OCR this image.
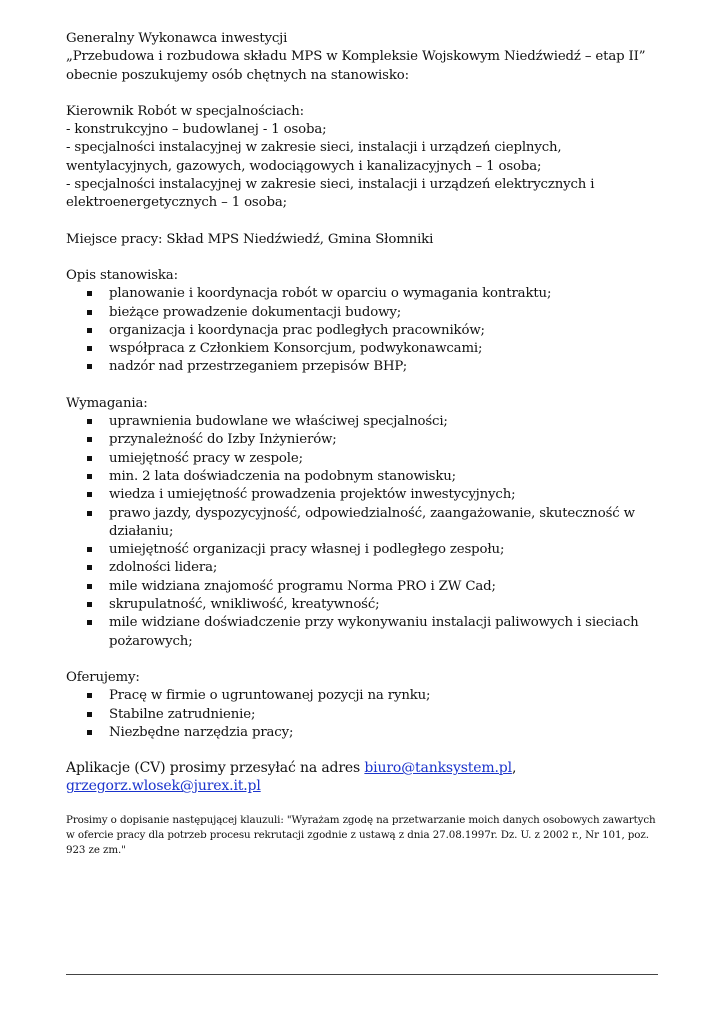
Generalny Wykonawca inwestycji

„Przebudowa i rozbudowa składu MPS w Kompleksie Wojskowym Niedźwiedź – etap II”

obecnie poszukujemy osób chętnych na stanowisko:

Kierownik Robót w specjalnościach:

- konstrukcyjno – budowlanej - 1 osoba;

- specjalności instalacyjnej w zakresie sieci, instalacji i urządzeń cieplnych, wentylacyjnych, gazowych, wodociągowych i kanalizacyjnych – 1 osoba;

- specjalności instalacyjnej w zakresie sieci, instalacji i urządzeń elektrycznych i elektroenergetycznych – 1 osoba;

Miejsce pracy: Skład MPS Niedźwiedź, Gmina Słomniki

Opis stanowiska:

planowanie i koordynacja robót w oparciu o wymagania kontraktu;
bieżące prowadzenie dokumentacji budowy;
organizacja i koordynacja prac podległych pracowników;
współpraca z Członkiem Konsorcjum, podwykonawcami;
nadzór nad przestrzeganiem przepisów BHP;

Wymagania:

uprawnienia budowlane we właściwej specjalności;
przynależność do Izby Inżynierów;
umiejętność pracy w zespole;
min. 2 lata doświadczenia na podobnym stanowisku;
wiedza i umiejętność prowadzenia projektów inwestycyjnych;
prawo jazdy, dyspozycyjność, odpowiedzialność, zaangażowanie, skuteczność w działaniu;
umiejętność organizacji pracy własnej i podległego zespołu;
zdolności lidera;
mile widziana znajomość programu Norma PRO i ZW Cad;
skrupulatność, wnikliwość, kreatywność;
mile widziane doświadczenie przy wykonywaniu instalacji paliwowych i sieciach pożarowych;

Oferujemy:

Pracę w firmie o ugruntowanej pozycji na rynku;
Stabilne zatrudnienie;
Niezbędne narzędzia pracy;

Aplikacje (CV) prosimy przesyłać na adres biuro@tanksystem.pl, grzegorz.wlosek@jurex.it.pl

Prosimy o dopisanie następującej klauzuli: "Wyrażam zgodę na przetwarzanie moich danych osobowych zawartych w ofercie pracy dla potrzeb procesu rekrutacji zgodnie z ustawą z dnia 27.08.1997r. Dz. U. z 2002 r., Nr 101, poz. 923 ze zm."
